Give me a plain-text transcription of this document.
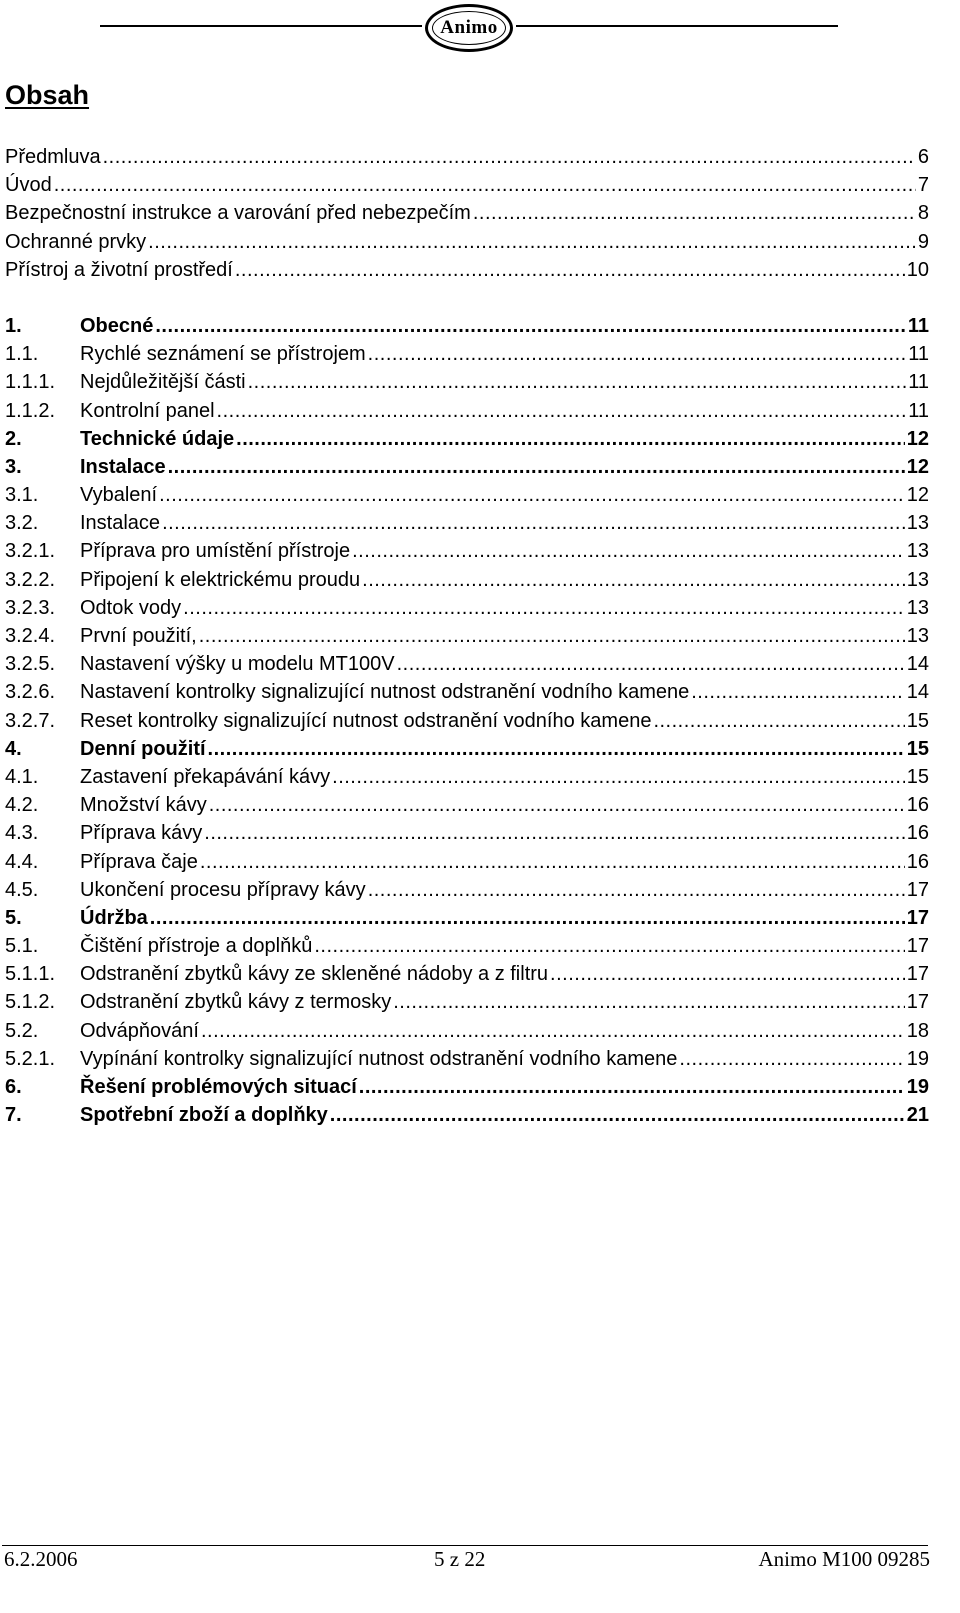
Animo
Obsah
Předmluva .....	6
Úvod .....	7
Bezpečnostní instrukce a varování před nebezpečím .....	8
Ochranné prvky .....	9
Přístroj a životní prostředí .....	10
1.	Obecné .....	11
1.1.	Rychlé seznámení se přístrojem .....	11
1.1.1.	Nejdůležitější části .....	11
1.1.2.	Kontrolní panel .....	11
2.	Technické údaje .....	12
3.	Instalace .....	12
3.1.	Vybalení .....	12
3.2.	Instalace .....	13
3.2.1.	Příprava pro umístění přístroje .....	13
3.2.2.	Připojení k elektrickému proudu .....	13
3.2.3.	Odtok vody .....	13
3.2.4.	První použití, .....	13
3.2.5.	Nastavení výšky u modelu MT100V .....	14
3.2.6.	Nastavení kontrolky signalizující nutnost odstranění vodního kamene .....	14
3.2.7.	Reset kontrolky signalizující nutnost odstranění vodního kamene .....	15
4.	Denní použití .....	15
4.1.	Zastavení překapávání kávy .....	15
4.2.	Množství kávy .....	16
4.3.	Příprava kávy .....	16
4.4.	Příprava čaje .....	16
4.5.	Ukončení procesu přípravy kávy .....	17
5.	Údržba .....	17
5.1.	Čištění přístroje a doplňků .....	17
5.1.1.	Odstranění zbytků kávy ze skleněné nádoby a z filtru .....	17
5.1.2.	Odstranění zbytků kávy z termosky .....	17
5.2.	Odvápňování .....	18
5.2.1.	Vypínání kontrolky signalizující nutnost odstranění vodního kamene .....	19
6.	Řešení problémových situací .....	19
7.	Spotřební zboží a doplňky .....	21
6.2.2006	5 z 22	Animo M100 09285
